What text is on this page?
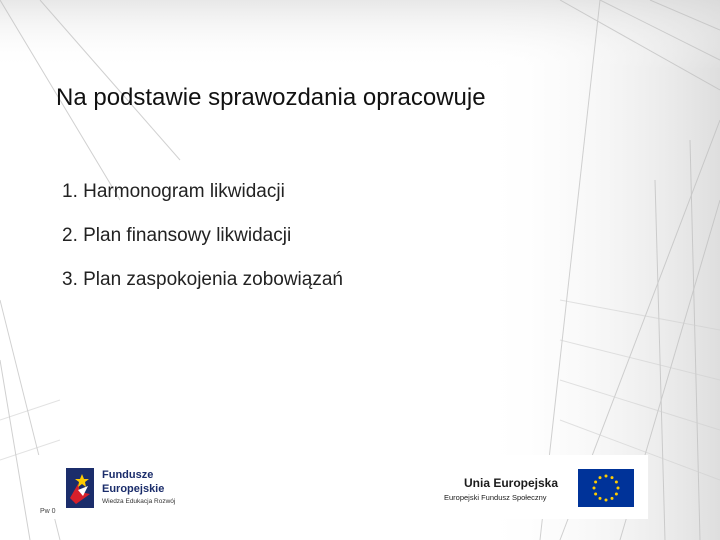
Na podstawie sprawozdania opracowuje
1. Harmonogram likwidacji
2. Plan finansowy likwidacji
3. Plan zaspokojenia zobowiązań
Fundusze
Europejskie
Wiedza Edukacja Rozwój
Unia Europejska
Europejski Fundusz Społeczny
Pw 0
